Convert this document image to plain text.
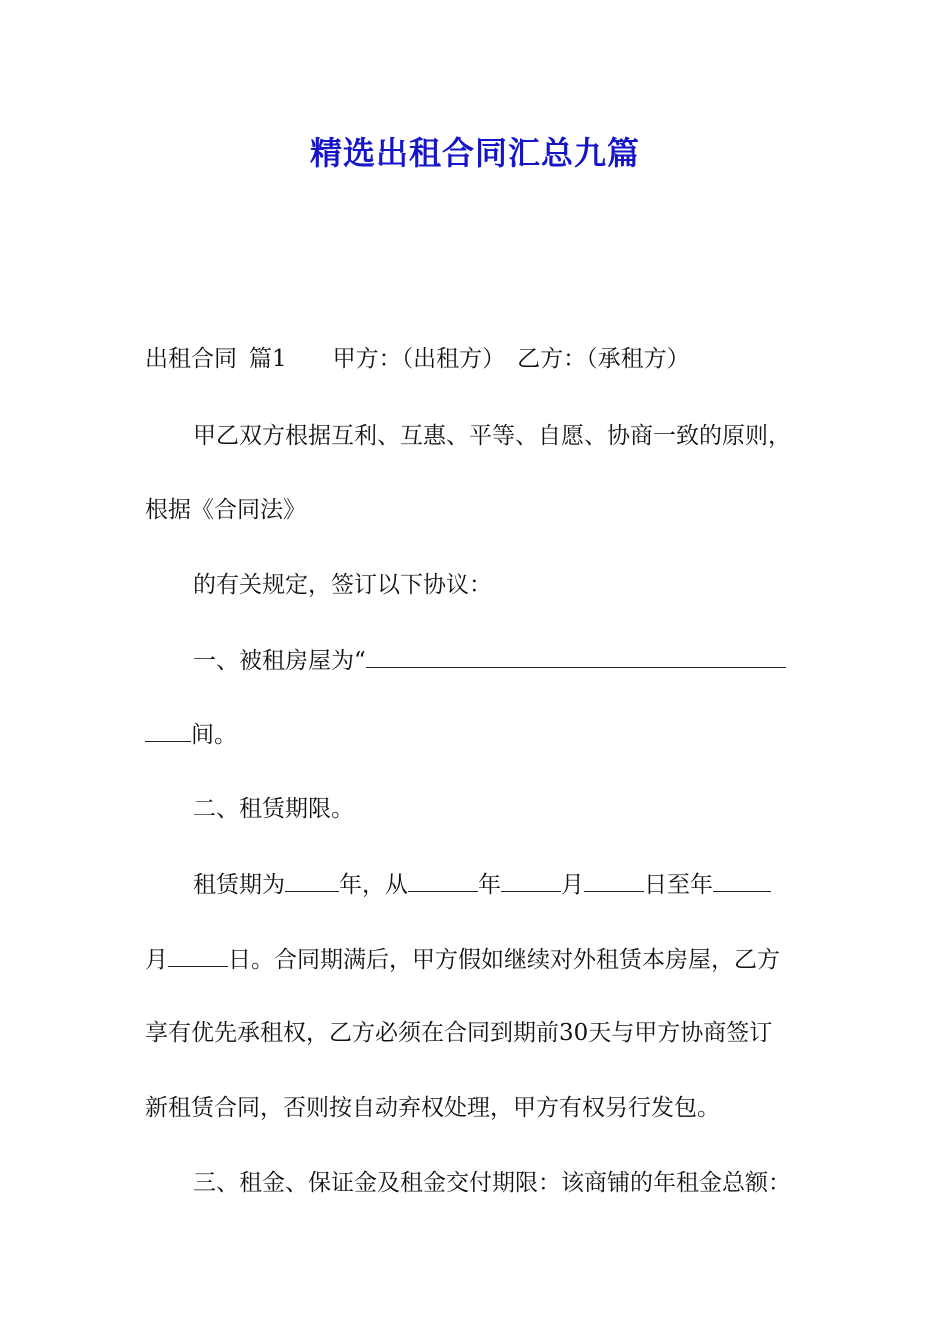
精选出租合同汇总九篇

出租合同 篇1 甲方：（出租方） 乙方：（承租方）

甲乙双方根据互利、互惠、平等、自愿、协商一致的原则，

根据《合同法》

的有关规定，签订以下协议：

一、被租房屋为“

间。

二、租赁期限。

租赁期为 年，从	年	月	日至年

月	日。合同期满后，甲方假如继续对外租赁本房屋，乙方

享有优先承租权，乙方必须在合同到期前30天与甲方协商签订

新租赁合同，否则按自动弃权处理，甲方有权另行发包。

三、租金、保证金及租金交付期限：该商铺的年租金总额：
